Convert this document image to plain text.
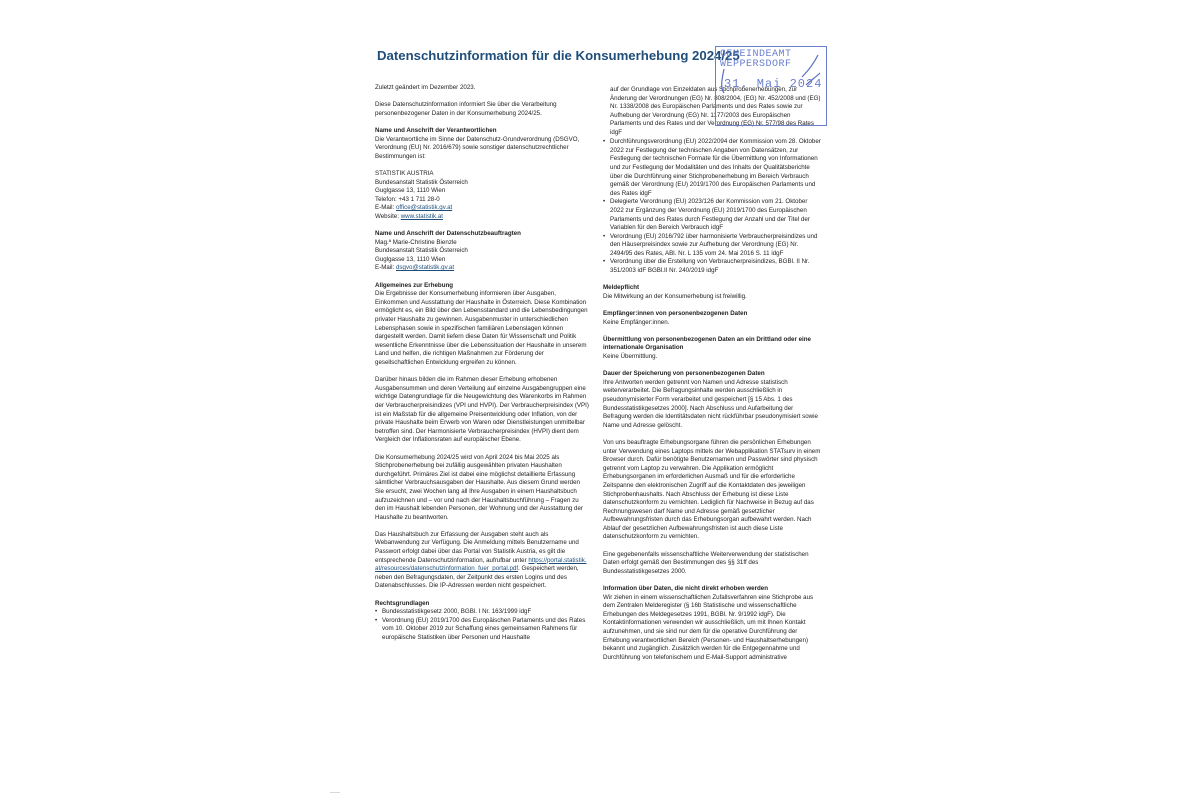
Datenschutzinformation für die Konsumerhebung 2024/25

Zuletzt geändert im Dezember 2023.

Diese Datenschutzinformation informiert Sie über die Verarbeitung personenbezogener Daten in der Konsumerhebung 2024/25.

Name und Anschrift der Verantwortlichen

Die Verantwortliche im Sinne der Datenschutz-Grundverordnung (DSGVO, Verordnung (EU) Nr. 2016/679) sowie sonstiger datenschutzrechtlicher Bestimmungen ist:

STATISTIK AUSTRIA
Bundesanstalt Statistik Österreich
Guglgasse 13, 1110 Wien
Telefon: +43 1 711 28-0
E-Mail: office@statistik.gv.at
Website: www.statistik.at
Name und Anschrift der Datenschutzbeauftragten
Mag.ª Marie-Christine Bienzle
Bundesanstalt Statistik Österreich
Guglgasse 13, 1110 Wien
E-Mail: dsgvo@statistik.gv.at
Allgemeines zur Erhebung

Die Ergebnisse der Konsumerhebung informieren über Ausgaben, Einkommen und Ausstattung der Haushalte in Österreich. Diese Kombination ermöglicht es, ein Bild über den Lebensstandard und die Lebensbedingungen privater Haushalte zu gewinnen. Ausgabenmuster in unterschiedlichen Lebensphasen sowie in spezifischen familiären Lebenslagen können dargestellt werden. Damit liefern diese Daten für Wissenschaft und Politik wesentliche Erkenntnisse über die Lebenssituation der Haushalte in unserem Land und helfen, die richtigen Maßnahmen zur Förderung der gesellschaftlichen Entwicklung ergreifen zu können.

Darüber hinaus bilden die im Rahmen dieser Erhebung erhobenen Ausgabensummen und deren Verteilung auf einzelne Ausgabengruppen eine wichtige Datengrundlage für die Neugewichtung des Warenkorbs im Rahmen der Verbraucherpreisindizes (VPI und HVPI). Der Verbraucherpreisindex (VPI) ist ein Maßstab für die allgemeine Preisentwicklung oder Inflation, von der private Haushalte beim Erwerb von Waren oder Dienstleistungen unmittelbar betroffen sind. Der Harmonisierte Verbraucherpreisindex (HVPI) dient dem Vergleich der Inflationsraten auf europäischer Ebene.

Die Konsumerhebung 2024/25 wird von April 2024 bis Mai 2025 als Stichprobenerhebung bei zufällig ausgewählten privaten Haushalten durchgeführt. Primäres Ziel ist dabei eine möglichst detaillierte Erfassung sämtlicher Verbrauchsausgaben der Haushalte. Aus diesem Grund werden Sie ersucht, zwei Wochen lang all Ihre Ausgaben in einem Haushaltsbuch aufzuzeichnen und – vor und nach der Haushaltsbuchführung – Fragen zu den im Haushalt lebenden Personen, der Wohnung und der Ausstattung der Haushalte zu beantworten.

Das Haushaltsbuch zur Erfassung der Ausgaben steht auch als Webanwendung zur Verfügung. Die Anmeldung mittels Benutzername und Passwort erfolgt dabei über das Portal von Statistik Austria, es gilt die entsprechende Datenschutzinformation, aufrufbar unter https://portal.statistik.at/resources/datenschutzinformation_fuer_portal.pdf. Gespeichert werden, neben den Befragungsdaten, der Zeitpunkt des ersten Logins und des Datenabschlusses. Die IP-Adressen werden nicht gespeichert.

Rechtsgrundlagen
• Bundesstatistikgesetz 2000, BGBl. I Nr. 163/1999 idgF
• Verordnung (EU) 2019/1700 des Europäischen Parlaments und des Rates vom 10. Oktober 2019 zur Schaffung eines gemeinsamen Rahmens für europäische Statistiken über Personen und Haushalte

auf der Grundlage von Einzeldaten aus Stichprobenerhebungen, zur Änderung der Verordnungen (EG) Nr. 808/2004, (EG) Nr. 452/2008 und (EG) Nr. 1338/2008 des Europäischen Parlaments und des Rates sowie zur Aufhebung der Verordnung (EG) Nr. 1177/2003 des Europäischen Parlaments und des Rates und der Verordnung (EG) Nr. 577/98 des Rates idgF

• Durchführungsverordnung (EU) 2022/2094 der Kommission vom 28. Oktober 2022 zur Festlegung der technischen Angaben von Datensätzen, zur Festlegung der technischen Formate für die Übermittlung von Informationen und zur Festlegung der Modalitäten und des Inhalts der Qualitätsberichte über die Durchführung einer Stichprobenerhebung im Bereich Verbrauch gemäß der Verordnung (EU) 2019/1700 des Europäischen Parlaments und des Rates idgF
• Delegierte Verordnung (EU) 2023/126 der Kommission vom 21. Oktober 2022 zur Ergänzung der Verordnung (EU) 2019/1700 des Europäischen Parlaments und des Rates durch Festlegung der Anzahl und der Titel der Variablen für den Bereich Verbrauch idgF
• Verordnung (EU) 2016/792 über harmonisierte Verbraucherpreisindizes und den Häuserpreisindex sowie zur Aufhebung der Verordnung (EG) Nr. 2494/95 des Rates, ABl. Nr. L 135 vom 24. Mai 2016 S. 11 idgF
• Verordnung über die Erstellung von Verbraucherpreisindizes, BGBl. II Nr. 351/2003 idF BGBl.II Nr. 240/2019 idgF
Meldepflicht

Die Mitwirkung an der Konsumerhebung ist freiwillig.

Empfänger:innen von personenbezogenen Daten

Keine Empfänger:innen.

Übermittlung von personenbezogenen Daten an ein Drittland oder eine internationale Organisation

Keine Übermittlung.

Dauer der Speicherung von personenbezogenen Daten

Ihre Antworten werden getrennt von Namen und Adresse statistisch weiterverarbeitet. Die Befragungsinhalte werden ausschließlich in pseudonymisierter Form verarbeitet und gespeichert [§ 15 Abs. 1 des Bundesstatistikgesetzes 2000]. Nach Abschluss und Aufarbeitung der Befragung werden die Identitätsdaten nicht rückführbar pseudonymisiert sowie Name und Adresse gelöscht.

Von uns beauftragte Erhebungsorgane führen die persönlichen Erhebungen unter Verwendung eines Laptops mittels der Webapplikation STATsurv in einem Browser durch. Dafür benötigte Benutzernamen und Passwörter sind physisch getrennt vom Laptop zu verwahren. Die Applikation ermöglicht Erhebungsorganen im erforderlichen Ausmaß und für die erforderliche Zeitspanne den elektronischen Zugriff auf die Kontaktdaten des jeweiligen Stichprobenhaushalts. Nach Abschluss der Erhebung ist diese Liste datenschutzkonform zu vernichten. Lediglich für Nachweise in Bezug auf das Rechnungswesen darf Name und Adresse gemäß gesetzlicher Aufbewahrungsfristen durch das Erhebungsorgan aufbewahrt werden. Nach Ablauf der gesetzlichen Aufbewahrungsfristen ist auch diese Liste datenschutzkonform zu vernichten.

Eine gegebenenfalls wissenschaftliche Weiterverwendung der statistischen Daten erfolgt gemäß den Bestimmungen des §§ 31ff des Bundesstatistikgesetzes 2000.

Information über Daten, die nicht direkt erhoben werden

Wir ziehen in einem wissenschaftlichen Zufallsverfahren eine Stichprobe aus dem Zentralen Melderegister (§ 16b Statistische und wissenschaftliche Erhebungen des Meldegesetzes 1991, BGBl. Nr. 9/1992 idgF). Die Kontaktinformationen verwenden wir ausschließlich, um mit Ihnen Kontakt aufzunehmen, und sie sind nur dem für die operative Durchführung der Erhebung verantwortlichen Bereich (Personen- und Haushaltserhebungen) bekannt und zugänglich. Zusätzlich werden für die Entgegennahme und Durchführung von telefonischem und E-Mail-Support administrative

GEMEINDEAMT
WEPPERSDORF
31. Mai 2024
